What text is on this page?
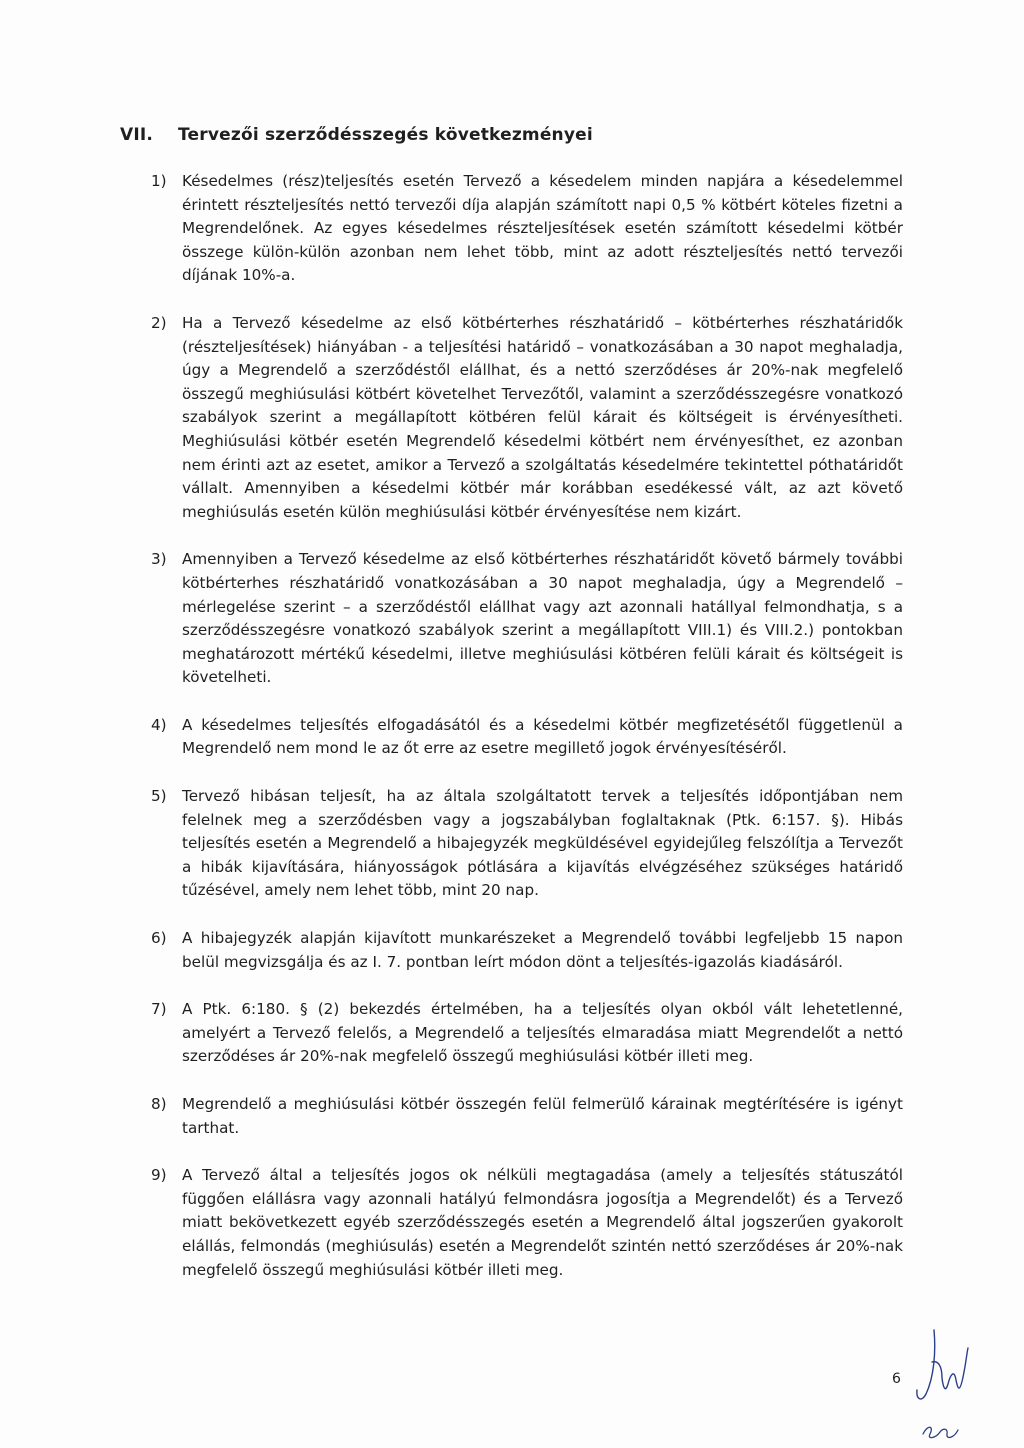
VII. Tervezői szerződésszegés következményei
1)	Késedelmes (rész)teljesítés esetén Tervező a késedelem minden napjára a késedelemmel érintett részteljesítés nettó tervezői díja alapján számított napi 0,5 % kötbért köteles fizetni a Megrendelőnek. Az egyes késedelmes részteljesítések esetén számított késedelmi kötbér összege külön-külön azonban nem lehet több, mint az adott részteljesítés nettó tervezői díjának 10%-a.
2)	Ha a Tervező késedelme az első kötbérterhes részhatáridő – kötbérterhes részhatáridők (részteljesítések) hiányában - a teljesítési határidő – vonatkozásában a 30 napot meghaladja, úgy a Megrendelő a szerződéstől elállhat, és a nettó szerződéses ár 20%-nak megfelelő összegű meghiúsulási kötbért követelhet Tervezőtől, valamint a szerződésszegésre vonatkozó szabályok szerint a megállapított kötbéren felül kárait és költségeit is érvényesítheti. Meghiúsulási kötbér esetén Megrendelő késedelmi kötbért nem érvényesíthet, ez azonban nem érinti azt az esetet, amikor a Tervező a szolgáltatás késedelmére tekintettel póthatáridőt vállalt. Amennyiben a késedelmi kötbér már korábban esedékessé vált, az azt követő meghiúsulás esetén külön meghiúsulási kötbér érvényesítése nem kizárt.
3)	Amennyiben a Tervező késedelme az első kötbérterhes részhatáridőt követő bármely további kötbérterhes részhatáridő vonatkozásában a 30 napot meghaladja, úgy a Megrendelő – mérlegelése szerint – a szerződéstől elállhat vagy azt azonnali hatállyal felmondhatja, s a szerződésszegésre vonatkozó szabályok szerint a megállapított VIII.1) és VIII.2.) pontokban meghatározott mértékű késedelmi, illetve meghiúsulási kötbéren felüli kárait és költségeit is követelheti.
4)	A késedelmes teljesítés elfogadásától és a késedelmi kötbér megfizetésétől függetlenül a Megrendelő nem mond le az őt erre az esetre megillető jogok érvényesítéséről.
5)	Tervező hibásan teljesít, ha az általa szolgáltatott tervek a teljesítés időpontjában nem felelnek meg a szerződésben vagy a jogszabályban foglaltaknak (Ptk. 6:157. §). Hibás teljesítés esetén a Megrendelő a hibajegyzék megküldésével egyidejűleg felszólítja a Tervezőt a hibák kijavítására, hiányosságok pótlására a kijavítás elvégzéséhez szükséges határidő tűzésével, amely nem lehet több, mint 20 nap.
6)	A hibajegyzék alapján kijavított munkarészeket a Megrendelő további legfeljebb 15 napon belül megvizsgálja és az I. 7. pontban leírt módon dönt a teljesítés-igazolás kiadásáról.
7)	A Ptk. 6:180. § (2) bekezdés értelmében, ha a teljesítés olyan okból vált lehetetlenné, amelyért a Tervező felelős, a Megrendelő a teljesítés elmaradása miatt Megrendelőt a nettó szerződéses ár 20%-nak megfelelő összegű meghiúsulási kötbér illeti meg.
8)	Megrendelő a meghiúsulási kötbér összegén felül felmerülő kárainak megtérítésére is igényt tarthat.
9)	A Tervező által a teljesítés jogos ok nélküli megtagadása (amely a teljesítés státuszától függően elállásra vagy azonnali hatályú felmondásra jogosítja a Megrendelőt) és a Tervező miatt bekövetkezett egyéb szerződésszegés esetén a Megrendelő által jogszerűen gyakorolt elállás, felmondás (meghiúsulás) esetén a Megrendelőt szintén nettó szerződéses ár 20%-nak megfelelő összegű meghiúsulási kötbér illeti meg.
6
